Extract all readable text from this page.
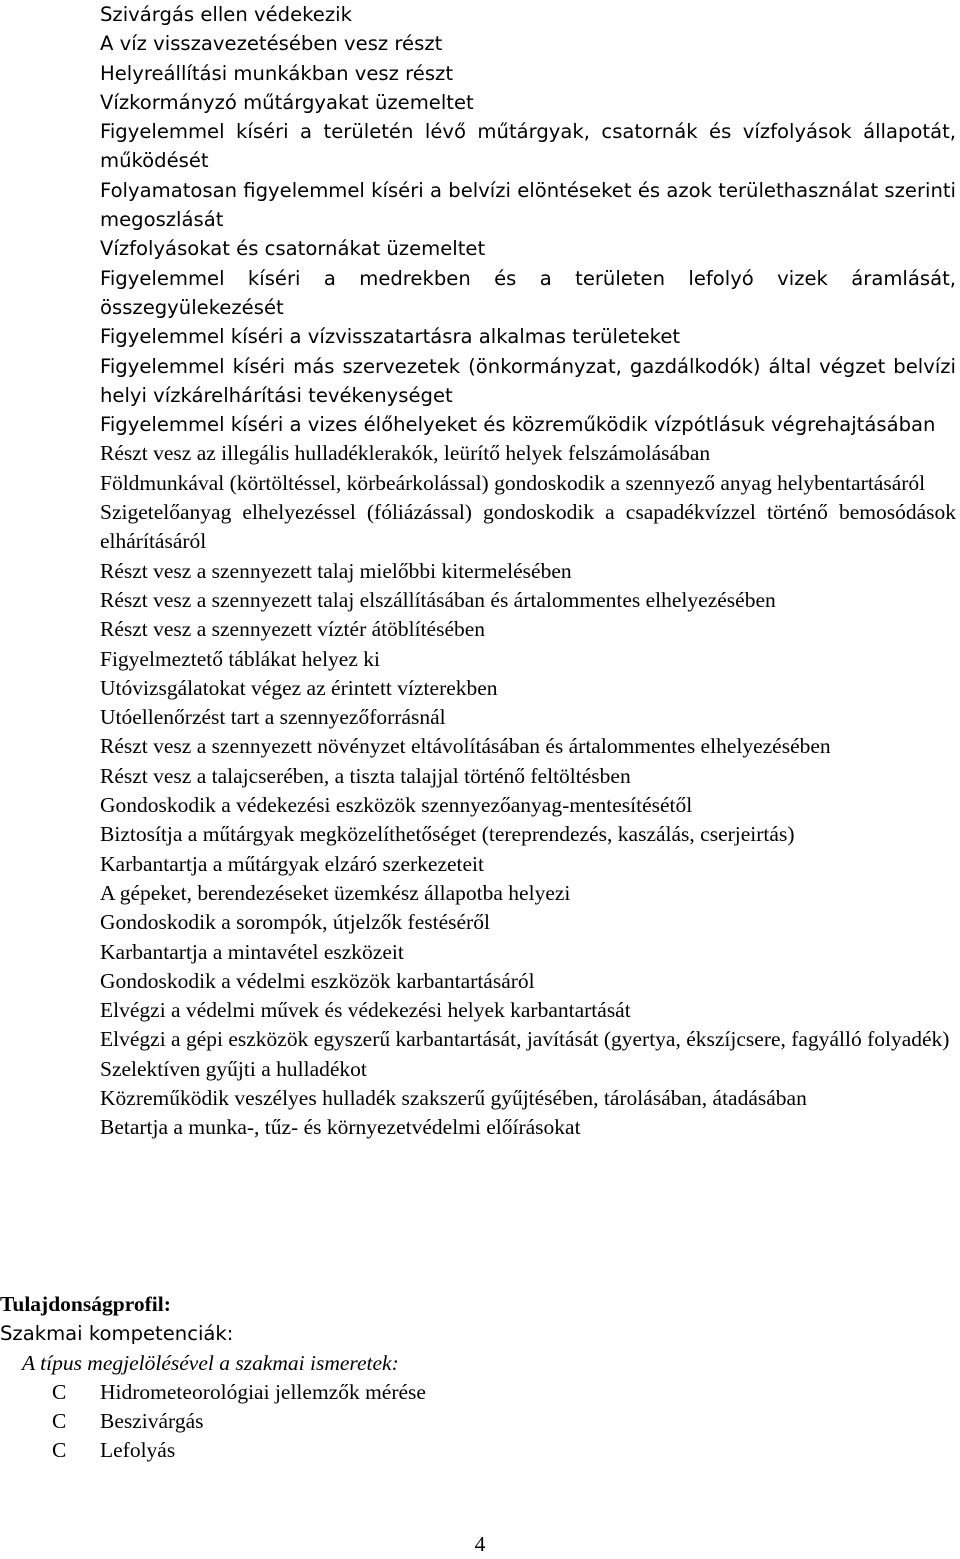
Szivárgás ellen védekezik

A víz visszavezetésében vesz részt

Helyreállítási munkákban vesz részt

Vízkormányzó műtárgyakat üzemeltet

Figyelemmel kíséri a területén lévő műtárgyak, csatornák és vízfolyások állapotát, működését

Folyamatosan figyelemmel kíséri a belvízi elöntéseket és azok területhasználat szerinti megoszlását

Vízfolyásokat és csatornákat üzemeltet

Figyelemmel kíséri a medrekben és a területen lefolyó vizek áramlását, összegyülekezését

Figyelemmel kíséri a vízvisszatartásra alkalmas területeket

Figyelemmel kíséri más szervezetek (önkormányzat, gazdálkodók) által végzet belvízi helyi vízkárelhárítási tevékenységet

Figyelemmel kíséri a vizes élőhelyeket és közreműködik vízpótlásuk végrehajtásában

Részt vesz az illegális hulladéklerakók, leürítő helyek felszámolásában

Földmunkával (körtöltéssel, körbeárkolással) gondoskodik a szennyező anyag helybentartásáról

Szigetelőanyag elhelyezéssel (fóliázással) gondoskodik a csapadékvízzel történő bemosódások elhárításáról

Részt vesz a szennyezett talaj mielőbbi kitermelésében

Részt vesz a szennyezett talaj elszállításában és ártalommentes elhelyezésében

Részt vesz a szennyezett víztér átöblítésében

Figyelmeztető táblákat helyez ki

Utóvizsgálatokat végez az érintett vízterekben

Utóellenőrzést tart a szennyezőforrásnál

Részt vesz a szennyezett növényzet eltávolításában és ártalommentes elhelyezésében

Részt vesz a talajcserében, a tiszta talajjal történő feltöltésben

Gondoskodik a védekezési eszközök szennyezőanyag-mentesítésétől

Biztosítja a műtárgyak megközelíthetőséget (tereprendezés, kaszálás, cserjeirtás)

Karbantartja a műtárgyak elzáró szerkezeteit

A gépeket, berendezéseket üzemkész állapotba helyezi

Gondoskodik a sorompók, útjelzők festéséről

Karbantartja a mintavétel eszközeit

Gondoskodik a védelmi eszközök karbantartásáról

Elvégzi a védelmi művek és védekezési helyek karbantartását

Elvégzi a gépi eszközök egyszerű karbantartását, javítását (gyertya, ékszíjcsere, fagyálló folyadék)

Szelektíven gyűjti a hulladékot

Közreműködik veszélyes hulladék szakszerű gyűjtésében, tárolásában, átadásában

Betartja a munka-, tűz- és környezetvédelmi előírásokat

Tulajdonságprofil:

Szakmai kompetenciák:

A típus megjelölésével a szakmai ismeretek:

C	Hidrometeorológiai jellemzők mérése
C	Beszivárgás
C	Lefolyás
4
